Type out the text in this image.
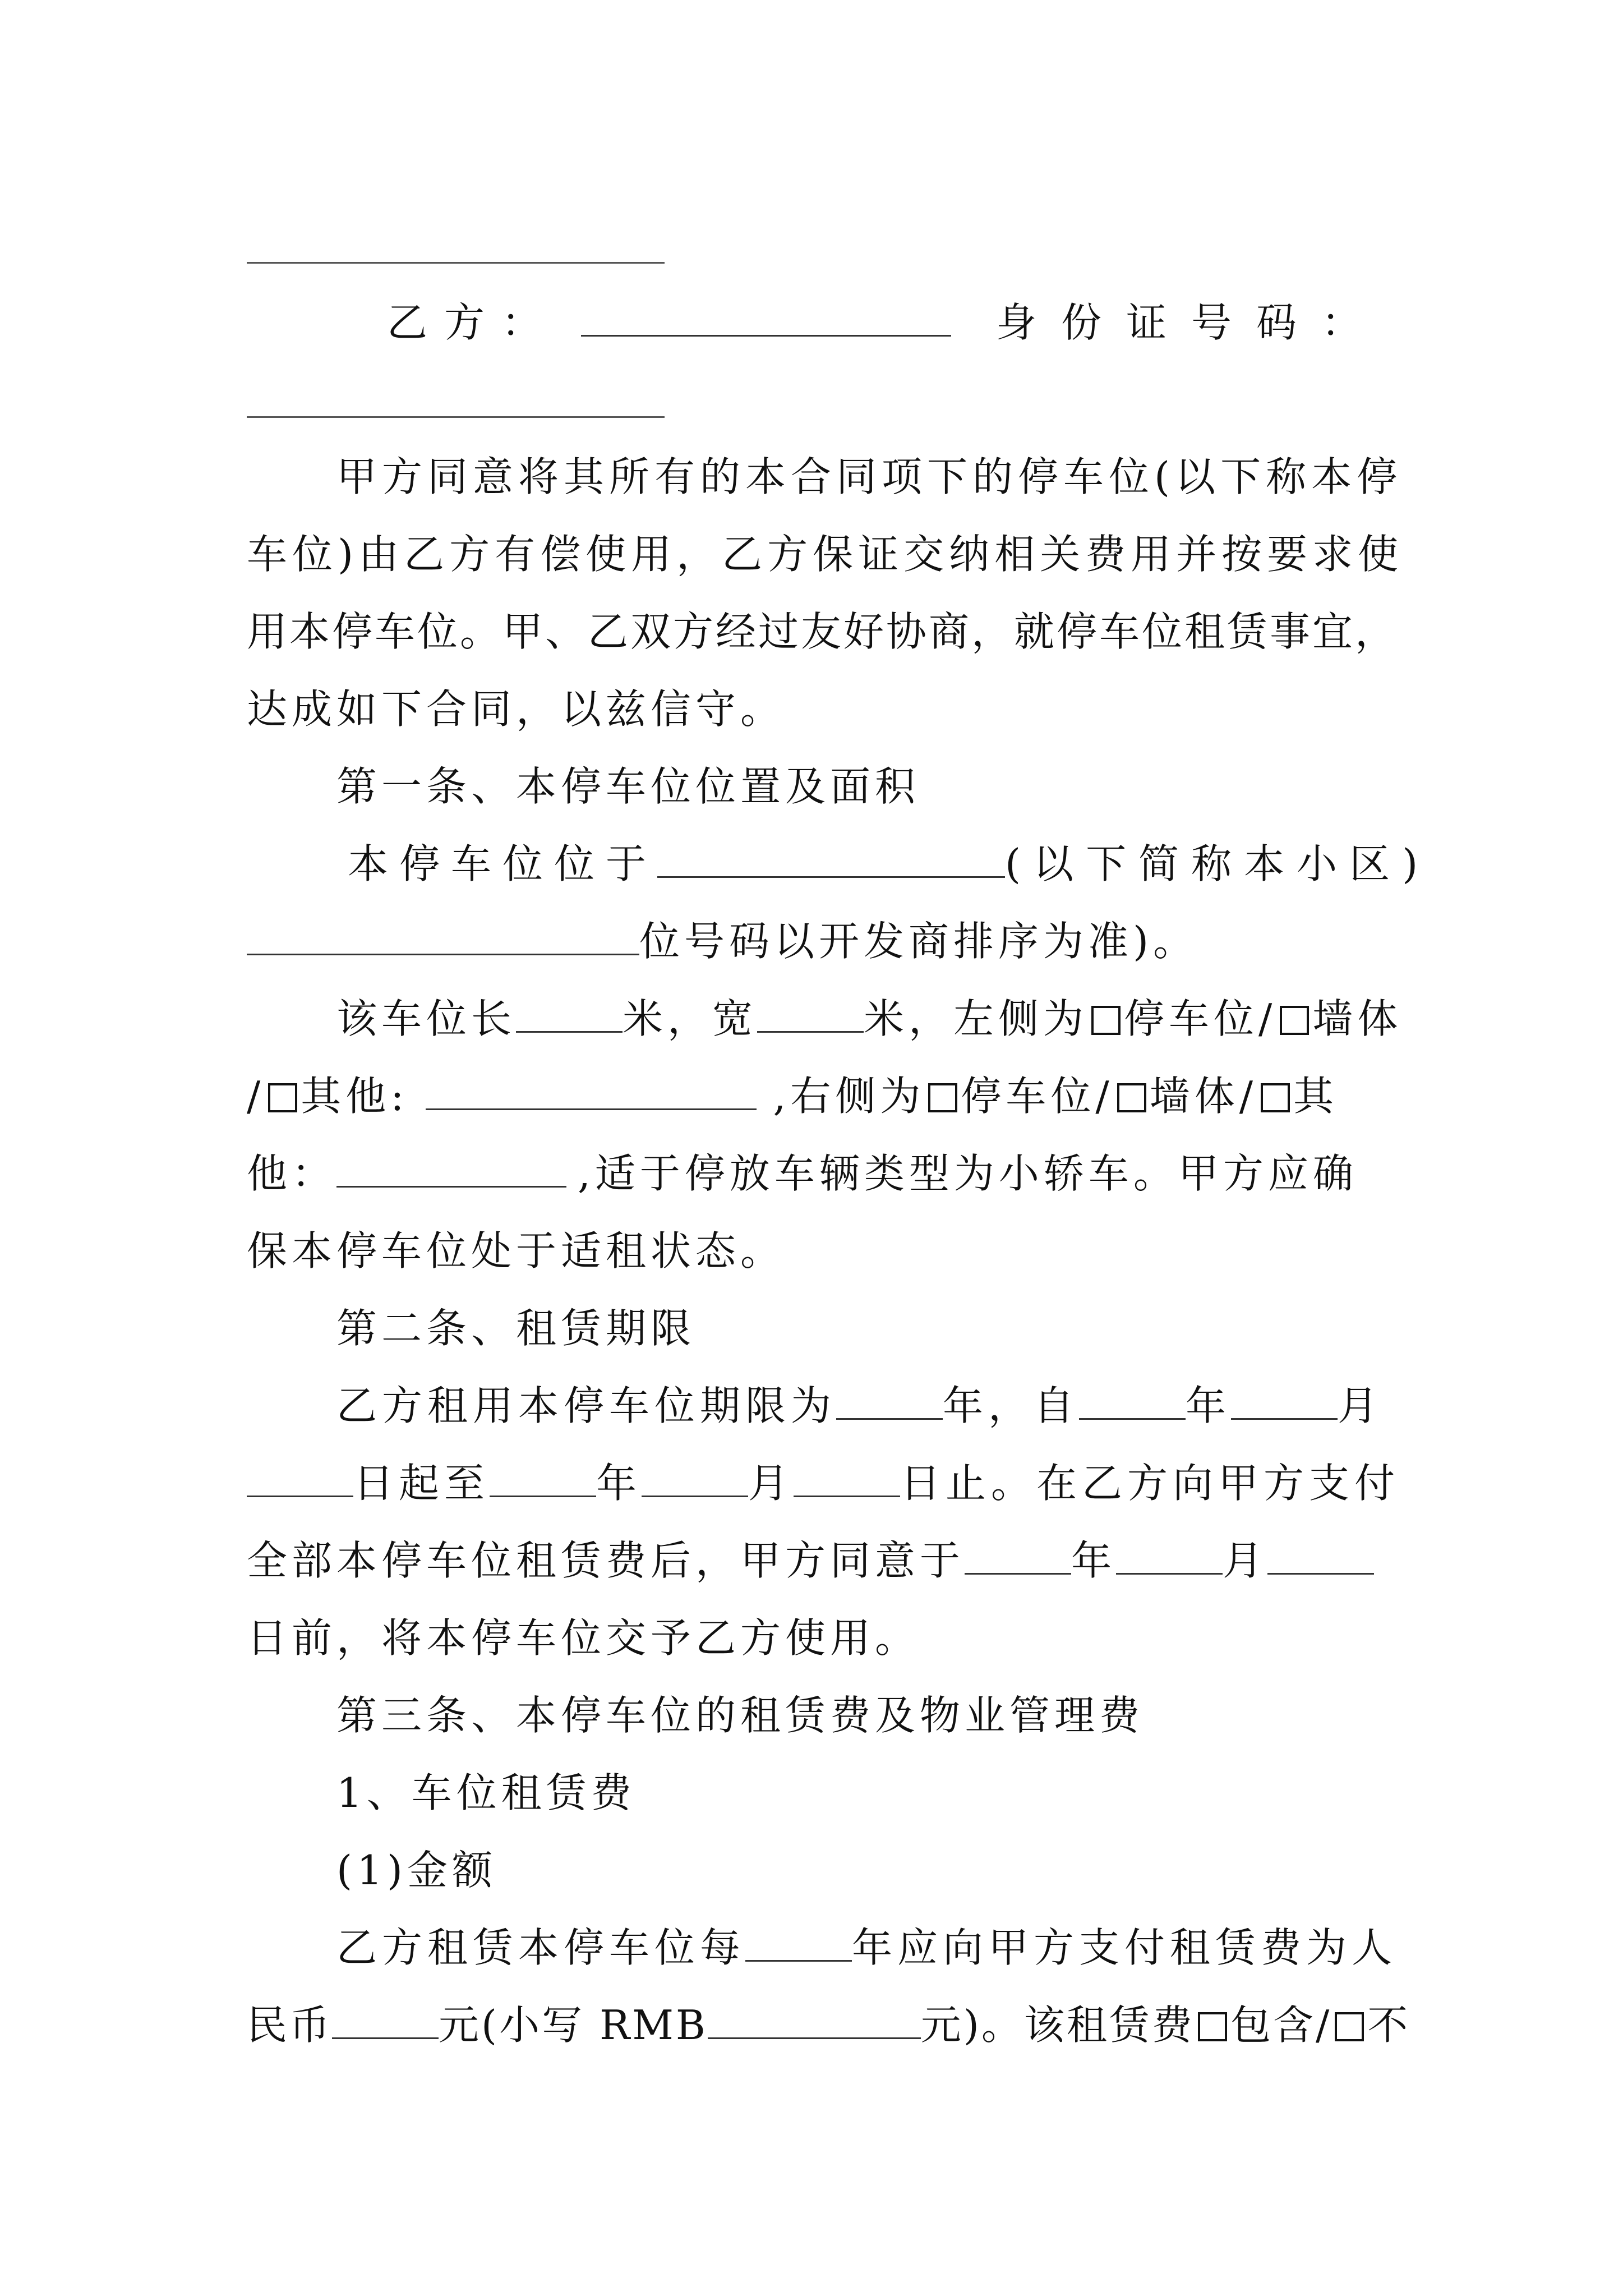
乙方：	身份证号码：
甲方同意将其所有的本合同项下的停车位(以下称本停
车位)由乙方有偿使用，乙方保证交纳相关费用并按要求使
用本停车位。甲、乙双方经过友好协商，就停车位租赁事宜，
达成如下合同，以兹信守。
第一条、本停车位位置及面积
本停车位位于	(以下简称本小区)
位号码以开发商排序为准)。
该车位长	米，宽	米，左侧为 停车位/ 墙体
/ 其他:	,右侧为 停车位/ 墙体/ 其
他：	,适于停放车辆类型为小轿车。甲方应确
保本停车位处于适租状态。
第二条、租赁期限
乙方租用本停车位期限为	年，自	年	月
日起至	年	月	日止。在乙方向甲方支付
全部本停车位租赁费后，甲方同意于	年	月
日前，将本停车位交予乙方使用。
第三条、本停车位的租赁费及物业管理费
1、车位租赁费
(1)金额
乙方租赁本停车位每	年应向甲方支付租赁费为人
民币	元(小写 RMB	元)。该租赁费 包含/ 不
